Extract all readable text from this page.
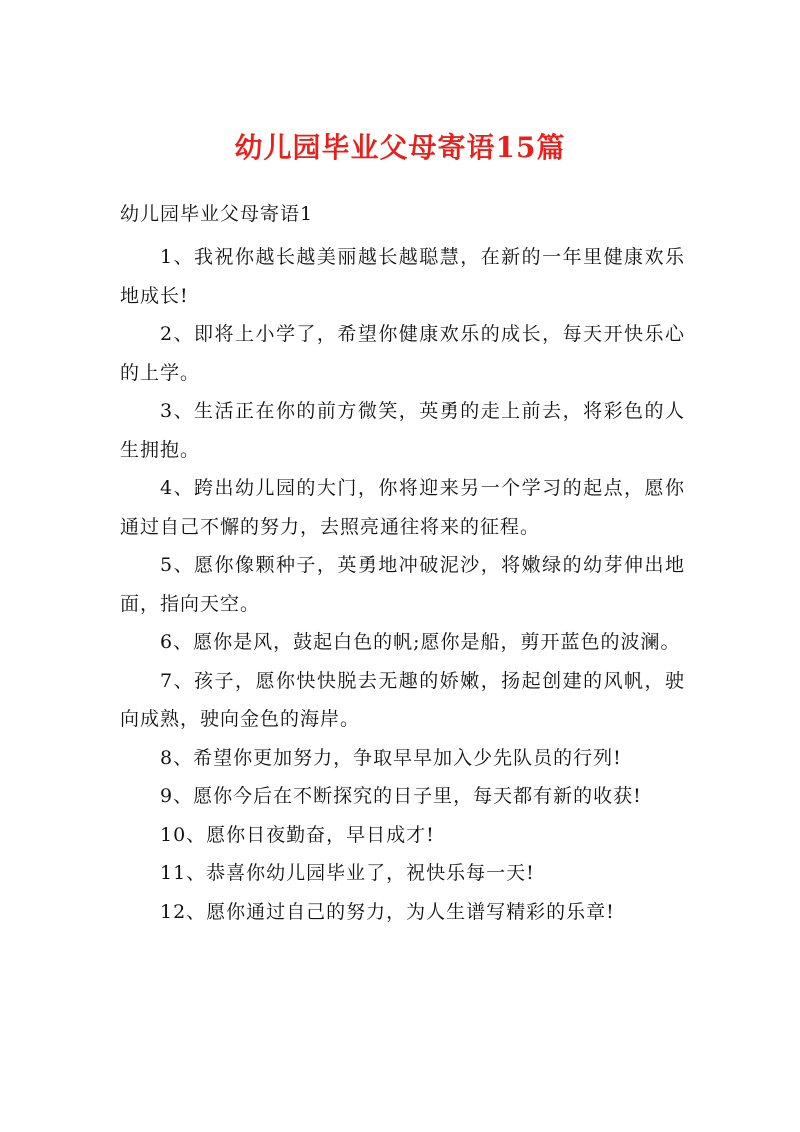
幼儿园毕业父母寄语15篇
幼儿园毕业父母寄语1

1、我祝你越长越美丽越长越聪慧，在新的一年里健康欢乐地成长!

2、即将上小学了，希望你健康欢乐的成长，每天开快乐心的上学。

3、生活正在你的前方微笑，英勇的走上前去，将彩色的人生拥抱。

4、跨出幼儿园的大门，你将迎来另一个学习的起点，愿你通过自己不懈的努力，去照亮通往将来的征程。

5、愿你像颗种子，英勇地冲破泥沙，将嫩绿的幼芽伸出地面，指向天空。

6、愿你是风，鼓起白色的帆;愿你是船，剪开蓝色的波澜。

7、孩子，愿你快快脱去无趣的娇嫩，扬起创建的风帆，驶向成熟，驶向金色的海岸。

8、希望你更加努力，争取早早加入少先队员的行列!

9、愿你今后在不断探究的日子里，每天都有新的收获!

10、愿你日夜勤奋，早日成才!

11、恭喜你幼儿园毕业了，祝快乐每一天!

12、愿你通过自己的努力，为人生谱写精彩的乐章!
